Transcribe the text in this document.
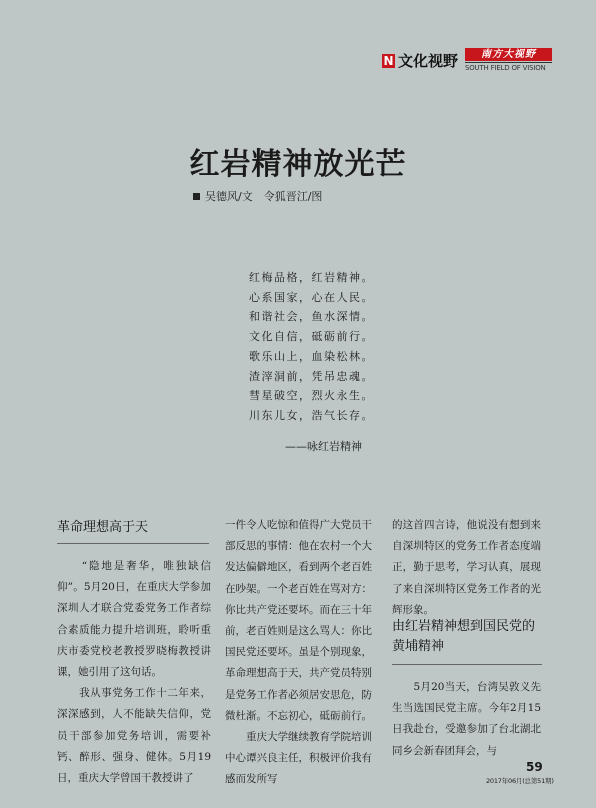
N 文化视野	南方大视野
SOUTH FIELD OF VISION
红岩精神放光芒
吴德风/文　令狐晋江/图
红梅品格，红岩精神。
心系国家，心在人民。
和谐社会，鱼水深情。
文化自信，砥砺前行。
歌乐山上，血染松林。
渣滓洞前，凭吊忠魂。
彗星破空，烈火永生。
川东儿女，浩气长存。
——咏红岩精神
革命理想高于天

　　“隐地是奢华，唯独缺信仰”。5月20日，在重庆大学参加深圳人才联合党委党务工作者综合素质能力提升培训班，聆听重庆市委党校老教授罗晓梅教授讲课，她引用了这句话。

　　我从事党务工作十二年来，深深感到，人不能缺失信仰，党员干部参加党务培训，需要补钙、醉形、强身、健体。5月19日，重庆大学曾国干教授讲了

一件令人吃惊和值得广大党员干部反思的事情：他在农村一个大发达偏僻地区，看到两个老百姓在吵架。一个老百姓在骂对方：你比共产党还要坏。而在三十年前，老百姓则是这么骂人：你比国民党还要坏。虽是个别现象，革命理想高于天，共产党员特别是党务工作者必须居安思危，防微杜渐。不忘初心，砥砺前行。

　　重庆大学继续教育学院培训中心谭兴良主任，积极评价我有感而发所写

的这首四言诗，他说没有想到来自深圳特区的党务工作者态度端正，勤于思考，学习认真，展现了来自深圳特区党务工作者的光辉形象。

由红岩精神想到国民党的黄埔精神

　　5月20当天，台湾吴敦义先生当选国民党主席。今年2月15日我赴台，受邀参加了台北湖北同乡会新春团拜会，与

59
2017年06月(总第51期)
